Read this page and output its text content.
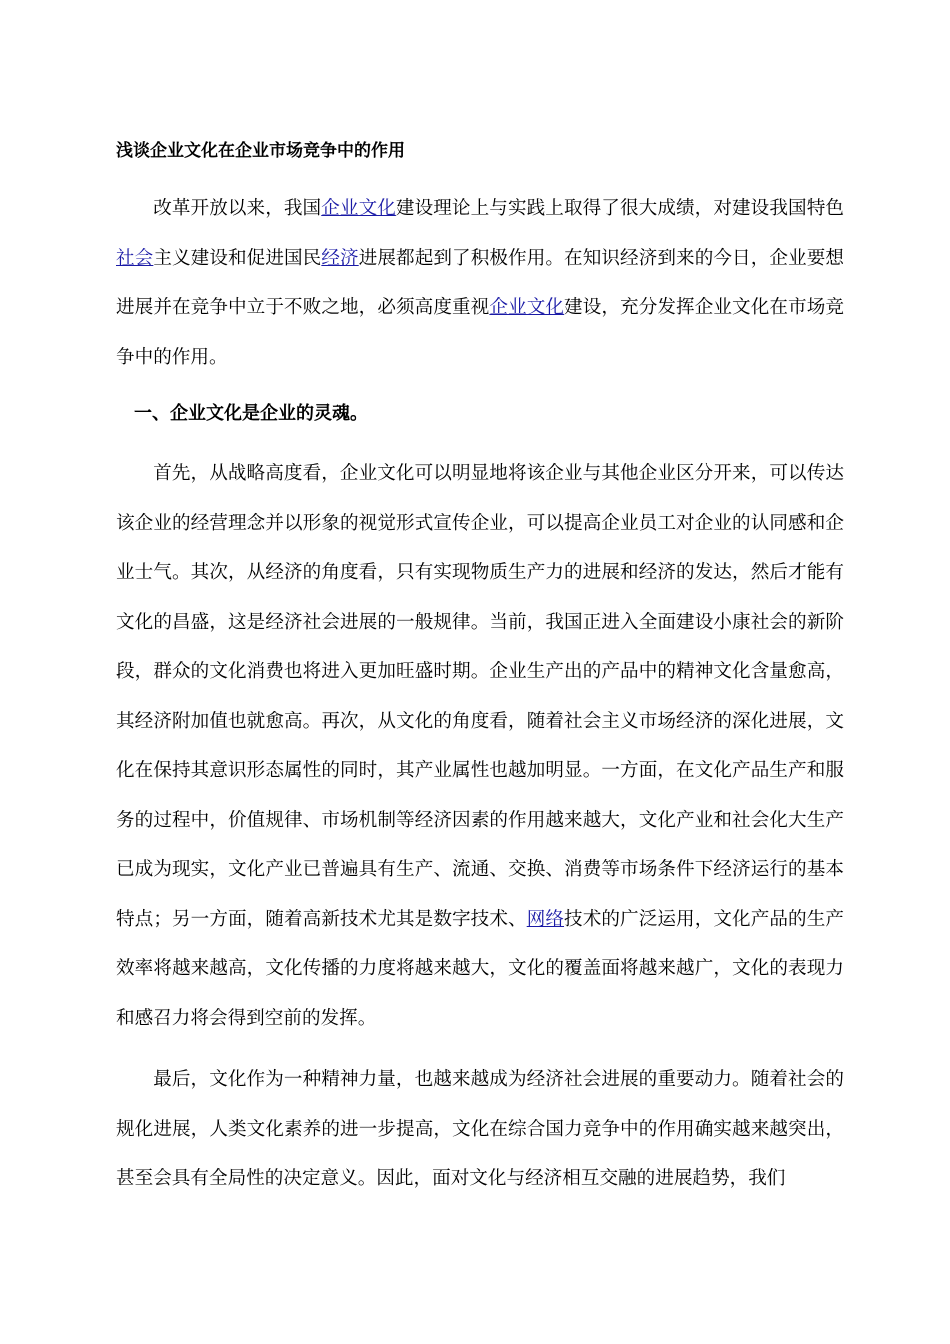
浅谈企业文化在企业市场竞争中的作用

改革开放以来，我国企业文化建设理论上与实践上取得了很大成绩，对建设我国特色社会主义建设和促进国民经济进展都起到了积极作用。在知识经济到来的今日，企业要想进展并在竞争中立于不败之地，必须高度重视企业文化建设，充分发挥企业文化在市场竞争中的作用。

一、企业文化是企业的灵魂。

首先，从战略高度看，企业文化可以明显地将该企业与其他企业区分开来，可以传达该企业的经营理念并以形象的视觉形式宣传企业，可以提高企业员工对企业的认同感和企业士气。其次，从经济的角度看，只有实现物质生产力的进展和经济的发达，然后才能有文化的昌盛，这是经济社会进展的一般规律。当前，我国正进入全面建设小康社会的新阶段，群众的文化消费也将进入更加旺盛时期。企业生产出的产品中的精神文化含量愈高，其经济附加值也就愈高。再次，从文化的角度看，随着社会主义市场经济的深化进展，文化在保持其意识形态属性的同时，其产业属性也越加明显。一方面，在文化产品生产和服务的过程中，价值规律、市场机制等经济因素的作用越来越大，文化产业和社会化大生产已成为现实，文化产业已普遍具有生产、流通、交换、消费等市场条件下经济运行的基本特点；另一方面，随着高新技术尤其是数字技术、网络技术的广泛运用，文化产品的生产效率将越来越高，文化传播的力度将越来越大，文化的覆盖面将越来越广，文化的表现力和感召力将会得到空前的发挥。

最后，文化作为一种精神力量，也越来越成为经济社会进展的重要动力。随着社会的规化进展，人类文化素养的进一步提高，文化在综合国力竞争中的作用确实越来越突出，甚至会具有全局性的决定意义。因此，面对文化与经济相互交融的进展趋势，我们
